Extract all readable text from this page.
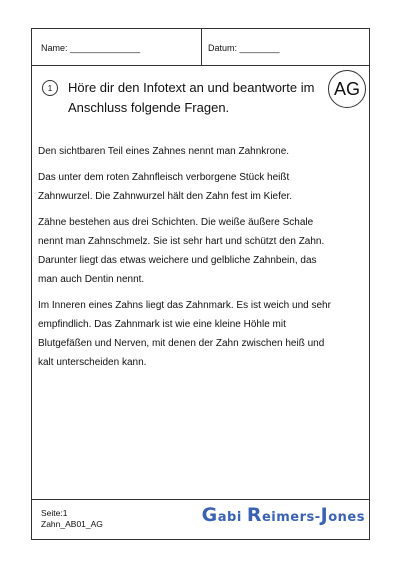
Name: ______________	Datum: ________
1	Höre dir den Infotext an und beantworte im Anschluss folgende Fragen.
AG

Den sichtbaren Teil eines Zahnes nennt man Zahnkrone.

Das unter dem roten Zahnfleisch verborgene Stück heißt Zahnwurzel. Die Zahnwurzel hält den Zahn fest im Kiefer.

Zähne bestehen aus drei Schichten. Die weiße äußere Schale nennt man Zahnschmelz. Sie ist sehr hart und schützt den Zahn. Darunter liegt das etwas weichere und gelbliche Zahnbein, das man auch Dentin nennt.

Im Inneren eines Zahns liegt das Zahnmark. Es ist weich und sehr empfindlich. Das Zahnmark ist wie eine kleine Höhle mit Blutgefäßen und Nerven, mit denen der Zahn zwischen heiß und kalt unterscheiden kann.

Seite:1
Zahn_AB01_AG	Gabi Reimers-Jones
